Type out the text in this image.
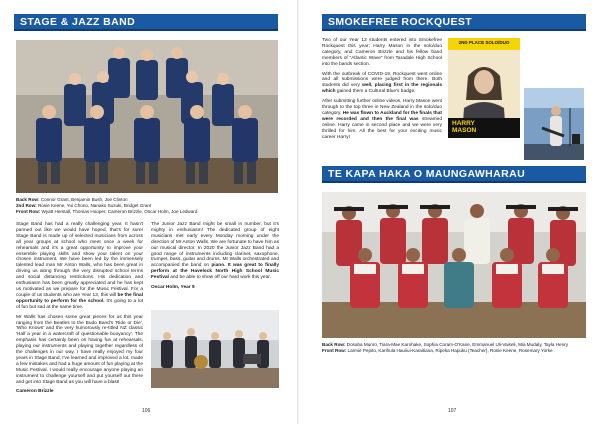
STAGE & JAZZ BAND
Back Row: Connor Grant, Benjamin Bush, Joe Clinton
2nd Row: Rosie Keene, Yui Chono, Nanako Suzuki, Bridget Grant
Front Row: Wyatt Herstall, Thomas Hooper, Cameron Brizzle, Oscar Holm, Joe Ledward

Stage Band has had a really challenging year. It hasn't panned out like we would have hoped, that's for sure! Stage Band is made up of selected musicians from across all year groups at school who meet once a week for rehearsals and it's a great opportunity to improve your ensemble playing skills and show your talent on your chosen instrument. We have been led by the immensely talented lead man Mr Anton Walls, who has been great in driving us along through the very disrupted school terms and social distancing restrictions. His dedication and enthusiasm has been greatly appreciated and he has kept us motivated as we prepare for the Music Festival. For a couple of us students who are Year 13, this will be the final opportunity to perform for the school. It's going to a lot of fun but sad at the same time.

Mr Walls has chosen some great pieces for us this year ranging from the Beatles to the Budo Band's 'Ride or Die', 'Who Knows' and the very humorously re-titled NZ classic 'Half a year in a watercraft of questionable buoyancy'. The emphasis has certainly been on having fun at rehearsals, playing our instruments and playing together regardless of the challenges in our way. I have really enjoyed my four years in Stage Band, I've learned and improved a lot, made a few mistakes and had a huge amount of fun playing at the Music Festival. I would really encourage anyone playing an instrument to challenge yourself and put yourself out there and get into Stage Band as you will have a blast!

Cameron Brizzle

The Junior Jazz Band might be small in number, but it's mighty in enthusiasm! The dedicated group of eight musicians met early every Monday morning under the direction of Mr Anton Walls. We are fortunate to have him as our musical director. In 2020 the Junior Jazz Band had a good range of instruments including clarinet, saxophone, trumpet, bass, guitar and drums. Mr Walls orchestrated and accompanied the band on piano. It was great to finally perform at the Havelock North High School Music Festival and be able to show off our hard work this year.

Oscar Holm, Year 9

106
SMOKEFREE ROCKQUEST

Two of our Year 13 students entered into Smokefree Rockquest this year; Harry Mason in the solo/duo category, and Cameron Brizzle and his fellow band members of "Atlantic Wave" from Taradale High School into the bands section.

With the outbreak of COVID-19, Rockquest went online and all submissions were judged from there. Both students did very well, placing first in the regionals which gained them a Cultural Blue's badge.

After submitting further online videos, Harry Mason went through to the top three in New Zealand in the solo/duo category. He was flown to Auckland for the finals that were recorded and then the final was streamed online. Harry came in second place and we were very thrilled for him. All the best for your exciting music career Harry!

2ND PLACE SOLO/DUO
HARRY
MASON
TE KAPA HAKA O MAUNGAWHARAU
Back Row: Dosaha Munro, Tiara-Mae Karohake, Sophia Coram-O'Kane, Emmanuel Uli-Vaiseli, Mia Mudaly, Tayla Henry
Front Row: Larmie Pepito, Karihula Hauiiui-Karaitiana, Ripeka Hapuku (Teacher), Rosie Keene, Rosemary Yorke
107
